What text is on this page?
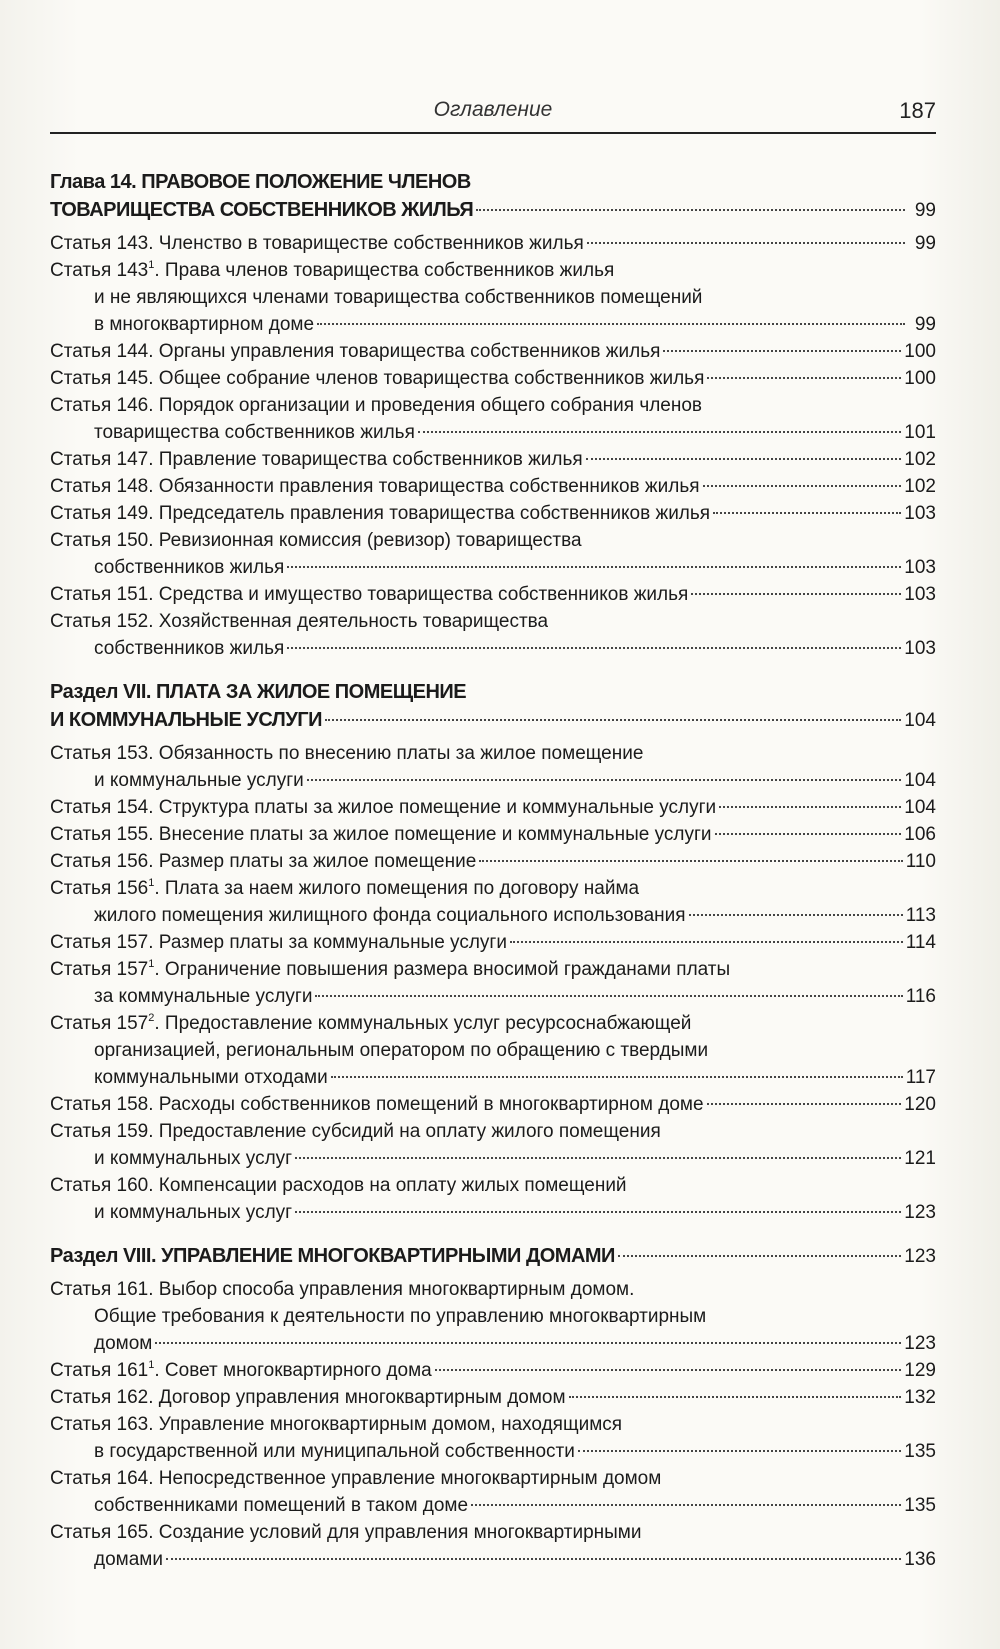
Оглавление	187
Глава 14. ПРАВОВОЕ ПОЛОЖЕНИЕ ЧЛЕНОВ
ТОВАРИЩЕСТВА СОБСТВЕННИКОВ ЖИЛЬЯ	99
Статья 143. Членство в товариществе собственников жилья	99
Статья $143^1$. Права членов товарищества собственников жилья
и не являющихся членами товарищества собственников помещений
в многоквартирном доме	99
Статья 144. Органы управления товарищества собственников жилья	100
Статья 145. Общее собрание членов товарищества собственников жилья	100
Статья 146. Порядок организации и проведения общего собрания членов
товарищества собственников жилья	101
Статья 147. Правление товарищества собственников жилья	102
Статья 148. Обязанности правления товарищества собственников жилья	102
Статья 149. Председатель правления товарищества собственников жилья	103
Статья 150. Ревизионная комиссия (ревизор) товарищества
собственников жилья	103
Статья 151. Средства и имущество товарищества собственников жилья	103
Статья 152. Хозяйственная деятельность товарищества
собственников жилья	103
Раздел VII. ПЛАТА ЗА ЖИЛОЕ ПОМЕЩЕНИЕ
И КОММУНАЛЬНЫЕ УСЛУГИ	104
Статья 153. Обязанность по внесению платы за жилое помещение
и коммунальные услуги	104
Статья 154. Структура платы за жилое помещение и коммунальные услуги	104
Статья 155. Внесение платы за жилое помещение и коммунальные услуги	106
Статья 156. Размер платы за жилое помещение	110
Статья $156^1$. Плата за наем жилого помещения по договору найма
жилого помещения жилищного фонда социального использования	113
Статья 157. Размер платы за коммунальные услуги	114
Статья $157^1$. Ограничение повышения размера вносимой гражданами платы
за коммунальные услуги	116
Статья $157^2$. Предоставление коммунальных услуг ресурсоснабжающей
организацией, региональным оператором по обращению с твердыми
коммунальными отходами	117
Статья 158. Расходы собственников помещений в многоквартирном доме	120
Статья 159. Предоставление субсидий на оплату жилого помещения
и коммунальных услуг	121
Статья 160. Компенсации расходов на оплату жилых помещений
и коммунальных услуг	123
Раздел VIII. УПРАВЛЕНИЕ МНОГОКВАРТИРНЫМИ ДОМАМИ	123
Статья 161. Выбор способа управления многоквартирным домом.
Общие требования к деятельности по управлению многоквартирным
домом	123
Статья $161^1$. Совет многоквартирного дома	129
Статья 162. Договор управления многоквартирным домом	132
Статья 163. Управление многоквартирным домом, находящимся
в государственной или муниципальной собственности	135
Статья 164. Непосредственное управление многоквартирным домом
собственниками помещений в таком доме	135
Статья 165. Создание условий для управления многоквартирными
домами	136
